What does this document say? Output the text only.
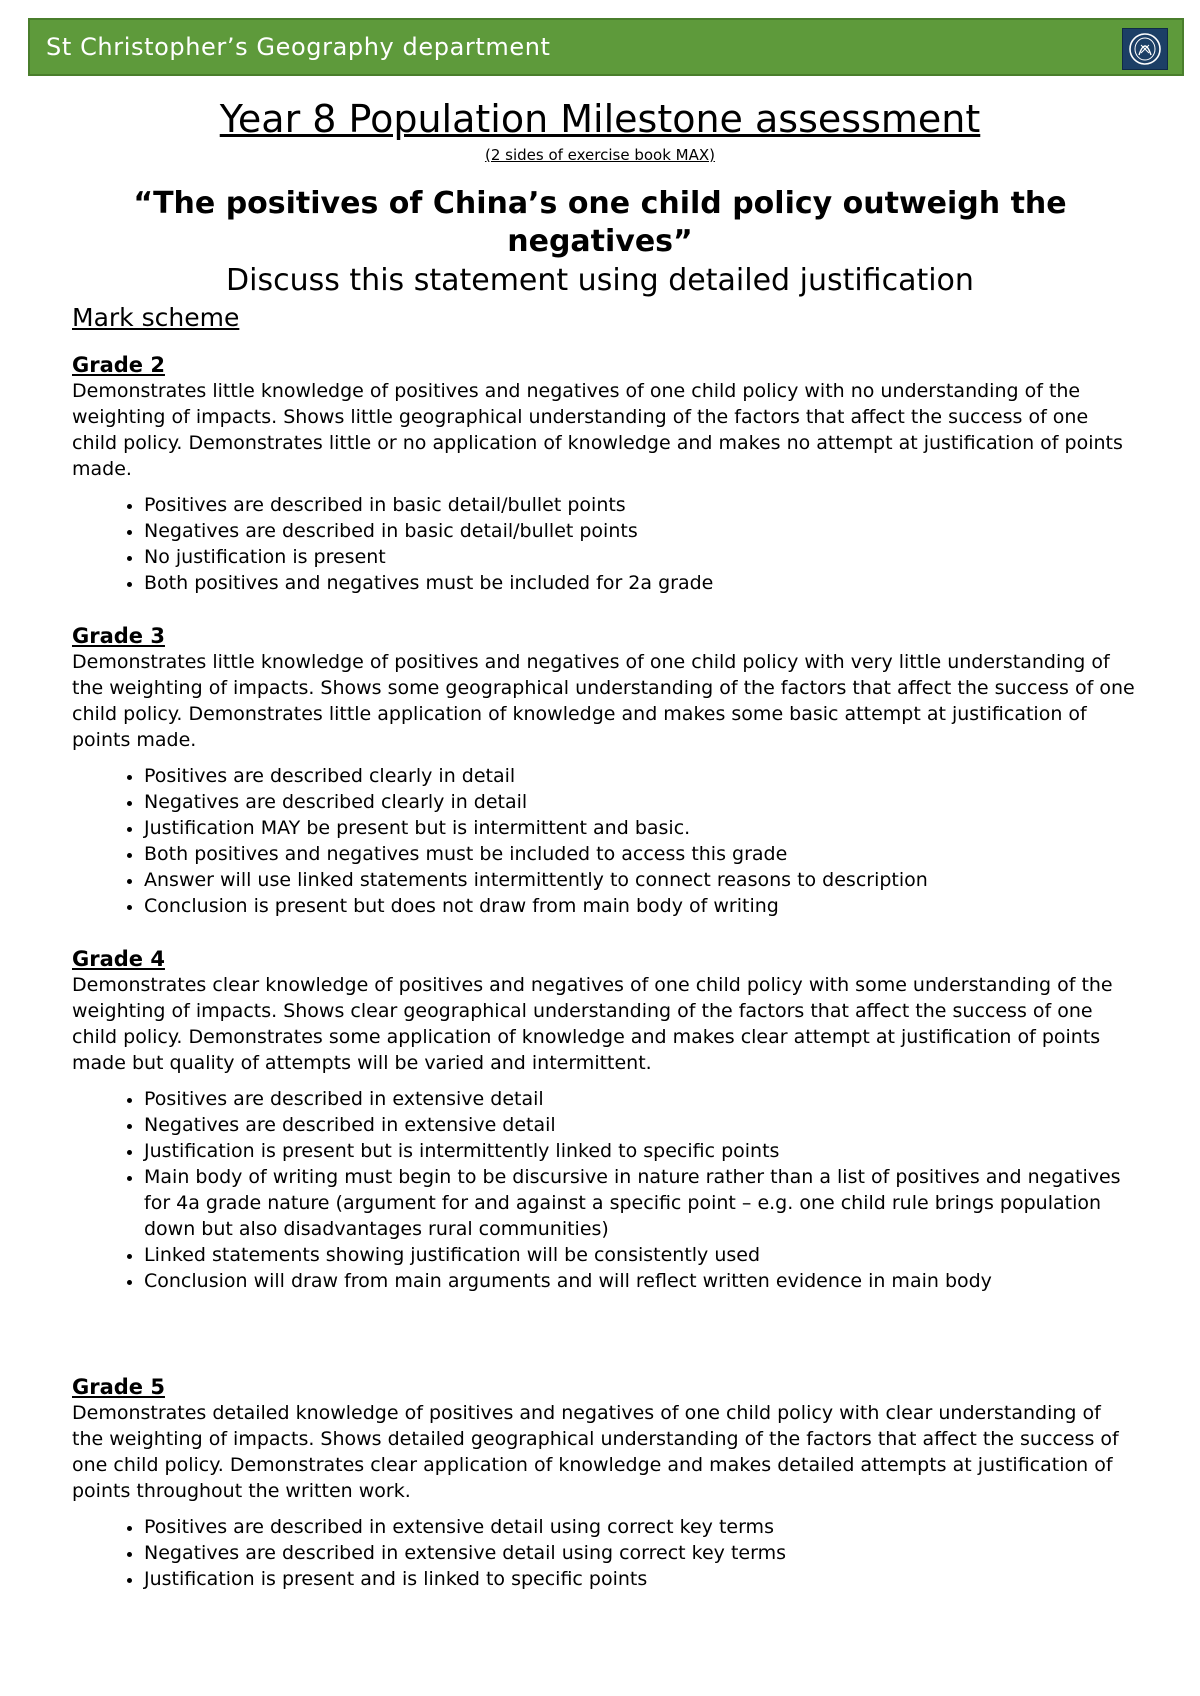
St Christopher’s Geography department
Year 8 Population Milestone assessment
(2 sides of exercise book MAX)
“The positives of China’s one child policy outweigh the negatives”
Discuss this statement using detailed justification
Mark scheme
Grade 2

Demonstrates little knowledge of positives and negatives of one child policy with no understanding of the weighting of impacts. Shows little geographical understanding of the factors that affect the success of one child policy. Demonstrates little or no application of knowledge and makes no attempt at justification of points made.

• Positives are described in basic detail/bullet points
• Negatives are described in basic detail/bullet points
• No justification is present
• Both positives and negatives must be included for 2a grade
Grade 3

Demonstrates little knowledge of positives and negatives of one child policy with very little understanding of the weighting of impacts. Shows some geographical understanding of the factors that affect the success of one child policy. Demonstrates little application of knowledge and makes some basic attempt at justification of points made.

• Positives are described clearly in detail
• Negatives are described clearly in detail
• Justification MAY be present but is intermittent and basic.
• Both positives and negatives must be included to access this grade
• Answer will use linked statements intermittently to connect reasons to description
• Conclusion is present but does not draw from main body of writing
Grade 4

Demonstrates clear knowledge of positives and negatives of one child policy with some understanding of the weighting of impacts. Shows clear geographical understanding of the factors that affect the success of one child policy. Demonstrates some application of knowledge and makes clear attempt at justification of points made but quality of attempts will be varied and intermittent.

• Positives are described in extensive detail
• Negatives are described in extensive detail
• Justification is present but is intermittently linked to specific points
• Main body of writing must begin to be discursive in nature rather than a list of positives and negatives for 4a grade nature (argument for and against a specific point – e.g. one child rule brings population down but also disadvantages rural communities)
• Linked statements showing justification will be consistently used
• Conclusion will draw from main arguments and will reflect written evidence in main body
Grade 5

Demonstrates detailed knowledge of positives and negatives of one child policy with clear understanding of the weighting of impacts. Shows detailed geographical understanding of the factors that affect the success of one child policy. Demonstrates clear application of knowledge and makes detailed attempts at justification of points throughout the written work.

• Positives are described in extensive detail using correct key terms
• Negatives are described in extensive detail using correct key terms
• Justification is present and is linked to specific points
